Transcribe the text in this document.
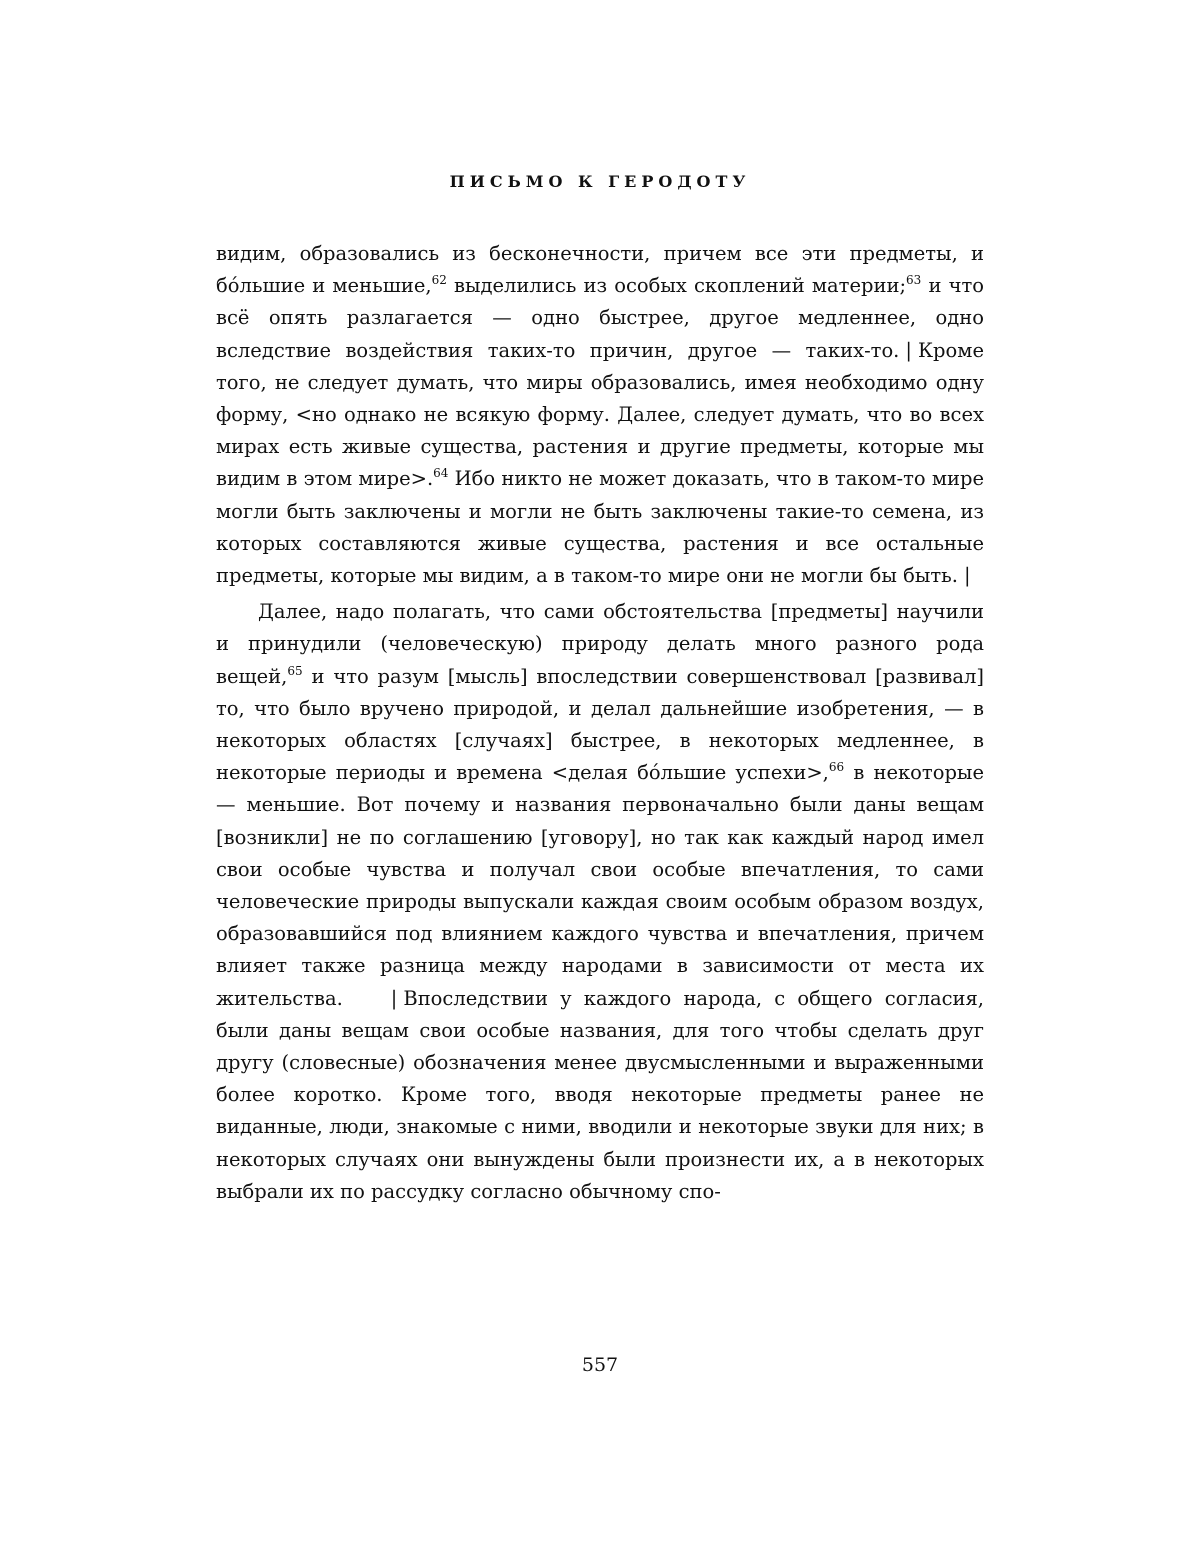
ПИСЬМО К ГЕРОДОТУ

видим, образовались из бесконечности, причем все эти предметы, и бóльшие и меньшие,$^{62}$ выделились из особых скоплений материи;$^{63}$ и что всё опять разлагается — одно быстрее, другое медленнее, одно вследствие воздействия таких-то причин, другое — таких-то. | Кроме того, не следует думать, что миры образовались, имея необходимо одну форму, <но однако не всякую форму. Далее, следует думать, что во всех мирах есть живые существа, растения и другие предметы, которые мы видим в этом мире>.$^{64}$ Ибо никто не может доказать, что в таком-то мире могли быть заключены и могли не быть заключены такие-то семена, из которых составляются живые существа, растения и все остальные предметы, которые мы видим, а в таком-то мире они не могли бы быть. |

Далее, надо полагать, что сами обстоятельства [предметы] научили и принудили (человеческую) природу делать много разного рода вещей,$^{65}$ и что разум [мысль] впоследствии совершенствовал [развивал] то, что было вручено природой, и делал дальнейшие изобретения, — в некоторых областях [случаях] быстрее, в некоторых медленнее, в некоторые периоды и времена <делая бóльшие успехи>,$^{66}$ в некоторые — меньшие. Вот почему и названия первоначально были даны вещам [возникли] не по соглашению [уговору], но так как каждый народ имел свои особые чувства и получал свои особые впечатления, то сами человеческие природы выпускали каждая своим особым образом воздух, образовавшийся под влиянием каждого чувства и впечатления, причем влияет также разница между народами в зависимости от места их жительства. | Впоследствии у каждого народа, с общего согласия, были даны вещам свои особые названия, для того чтобы сделать друг другу (словесные) обозначения менее двусмысленными и выраженными более коротко. Кроме того, вводя некоторые предметы ранее не виданные, люди, знакомые с ними, вводили и некоторые звуки для них; в некоторых случаях они вынуждены были произнести их, а в некоторых выбрали их по рассудку согласно обычному спо-

557
